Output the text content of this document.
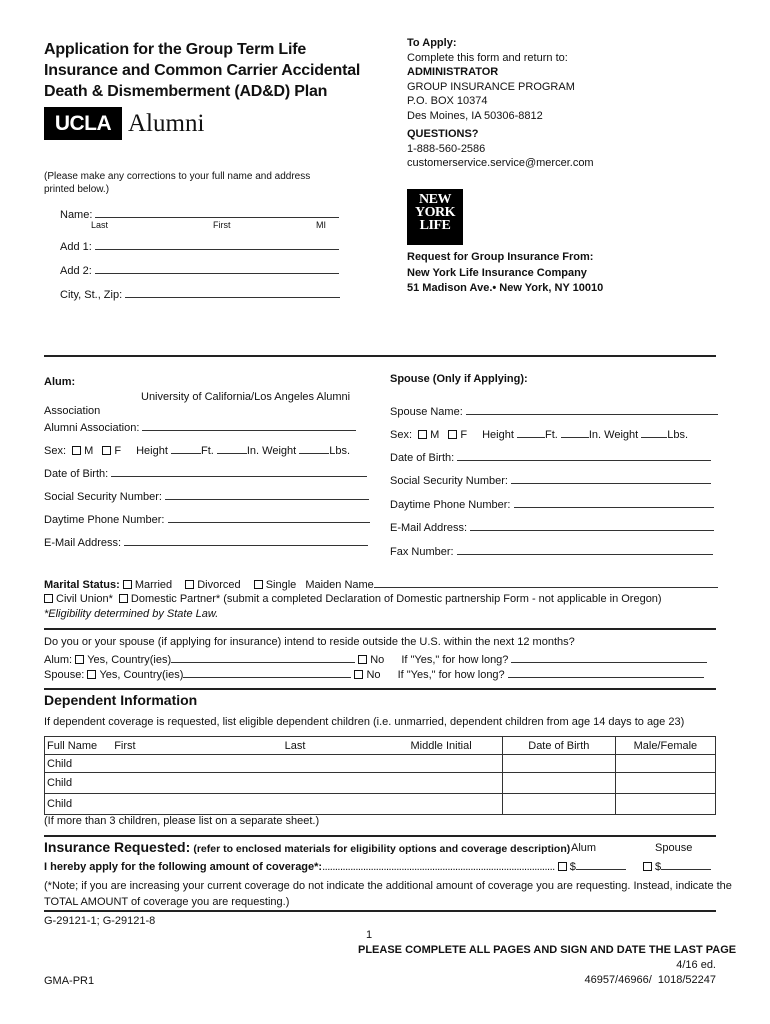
Application for the Group Term Life
Insurance and Common Carrier Accidental
Death & Dismemberment (AD&D) Plan
UCLA Alumni
(Please make any corrections to your full name and address printed below.)
Name:
Last	First	MI
Add 1:
Add 2:
City, St., Zip:
To Apply:
Complete this form and return to:
ADMINISTRATOR
GROUP INSURANCE PROGRAM
P.O. BOX 10374
Des Moines, IA 50306-8812
QUESTIONS?
1-888-560-2586
customerservice.service@mercer.com
NEW
YORK
LIFE
Request for Group Insurance From:
New York Life Insurance Company
51 Madison Ave.• New York, NY 10010
Alum:
University of California/Los Angeles Alumni
Association
Alumni Association:
Sex: M F Height	Ft.	In. Weight	Lbs.
Date of Birth:
Social Security Number:
Daytime Phone Number:
E-Mail Address:
Spouse (Only if Applying):
Spouse Name:
Sex: M F Height	Ft.	In. Weight	Lbs.
Date of Birth:
Social Security Number:
Daytime Phone Number:
E-Mail Address:
Fax Number:
Marital Status: Married Divorced Single Maiden Name
Civil Union* Domestic Partner* (submit a completed Declaration of Domestic partnership Form - not applicable in Oregon)
*Eligibility determined by State Law.
Do you or your spouse (if applying for insurance) intend to reside outside the U.S. within the next 12 months?
Alum: Yes, Country(ies)	No If "Yes," for how long?
Spouse: Yes, Country(ies)	No If "Yes," for how long?
Dependent Information
If dependent coverage is requested, list eligible dependent children (i.e. unmarried, dependent children from age 14 days to age 23)
Full Name First Last Middle Initial	Date of Birth	Male/Female
Child		
Child		
Child		
(If more than 3 children, please list on a separate sheet.)
Insurance Requested: (refer to enclosed materials for eligibility options and coverage description) Alum	Spouse
I hereby apply for the following amount of coverage*:........................................................................................... $	$
(*Note; if you are increasing your current coverage do not indicate the additional amount of coverage you are requesting. Instead, indicate the
TOTAL AMOUNT of coverage you are requesting.)
G-29121-1; G-29121-8
1
PLEASE COMPLETE ALL PAGES AND SIGN AND DATE THE LAST PAGE
4/16 ed.
46957/46966/  1018/52247
GMA-PR1
